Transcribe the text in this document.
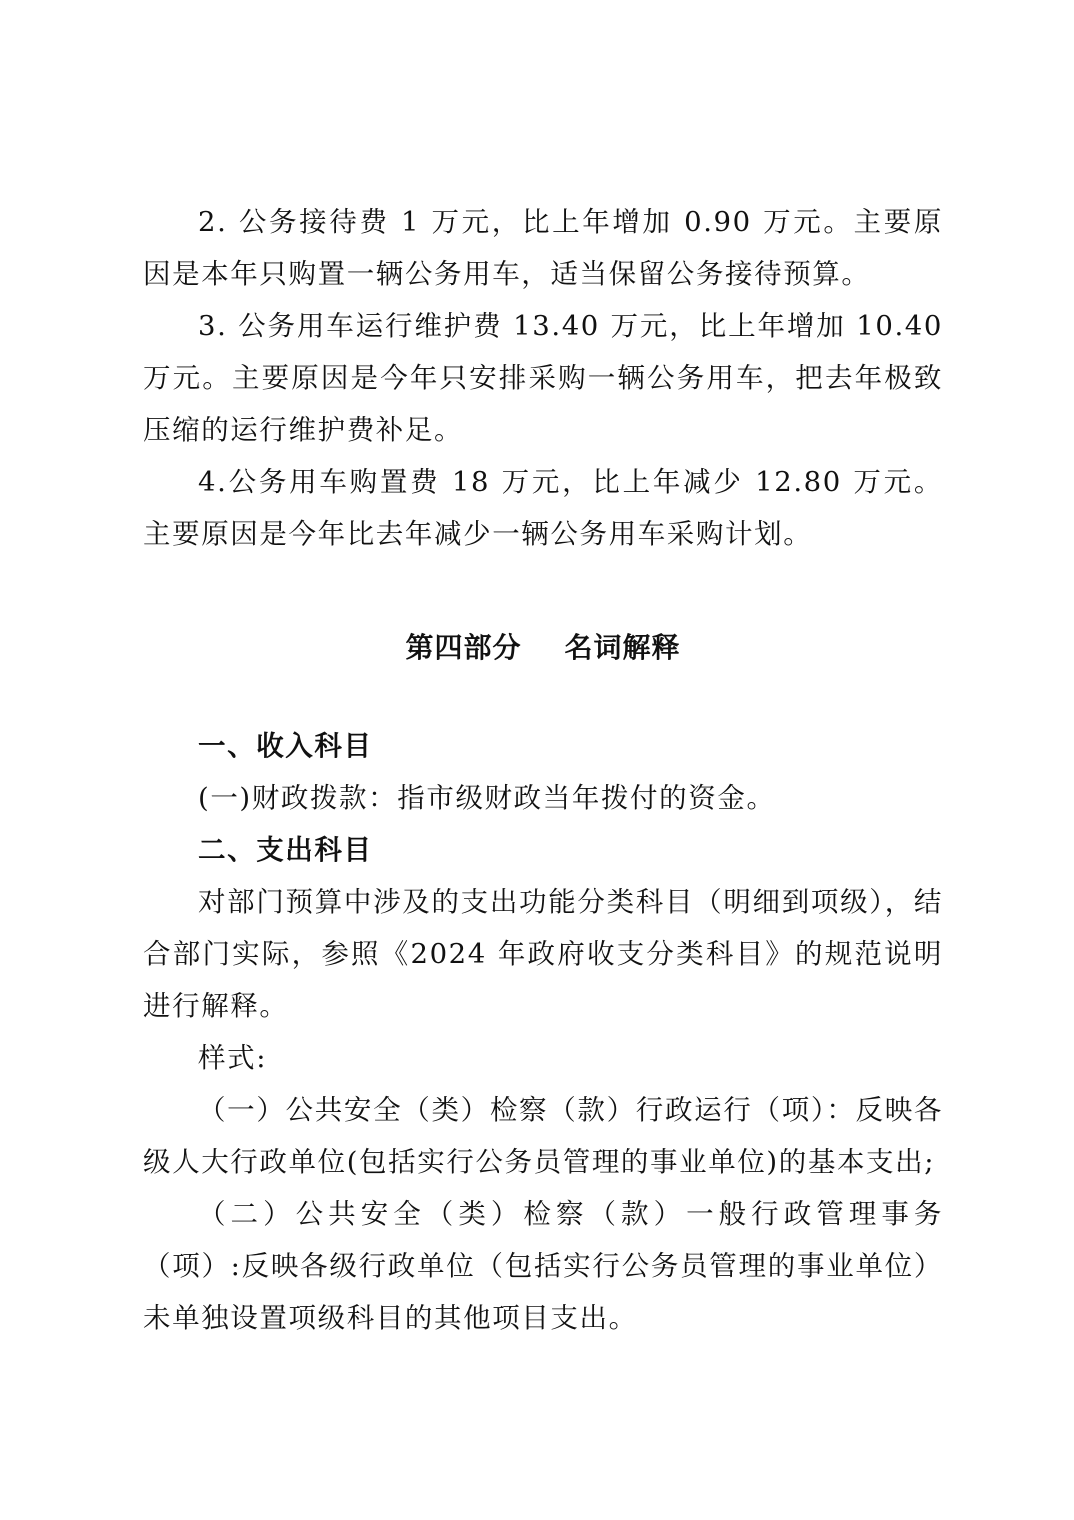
2. 公务接待费 1 万元，比上年增加 0.90 万元。主要原因是本年只购置一辆公务用车，适当保留公务接待预算。

3. 公务用车运行维护费 13.40 万元，比上年增加 10.40 万元。主要原因是今年只安排采购一辆公务用车，把去年极致压缩的运行维护费补足。

4.公务用车购置费 18 万元，比上年减少 12.80 万元。主要原因是今年比去年减少一辆公务用车采购计划。

第四部分    名词解释

一、收入科目

(一)财政拨款：指市级财政当年拨付的资金。

二、支出科目

对部门预算中涉及的支出功能分类科目（明细到项级），结合部门实际，参照《2024 年政府收支分类科目》的规范说明进行解释。

样式:

（一）公共安全（类）检察（款）行政运行（项）：反映各级人大行政单位(包括实行公务员管理的事业单位)的基本支出;

（二）公共安全（类）检察（款）一般行政管理事务（项）:反映各级行政单位（包括实行公务员管理的事业单位）未单独设置项级科目的其他项目支出。
